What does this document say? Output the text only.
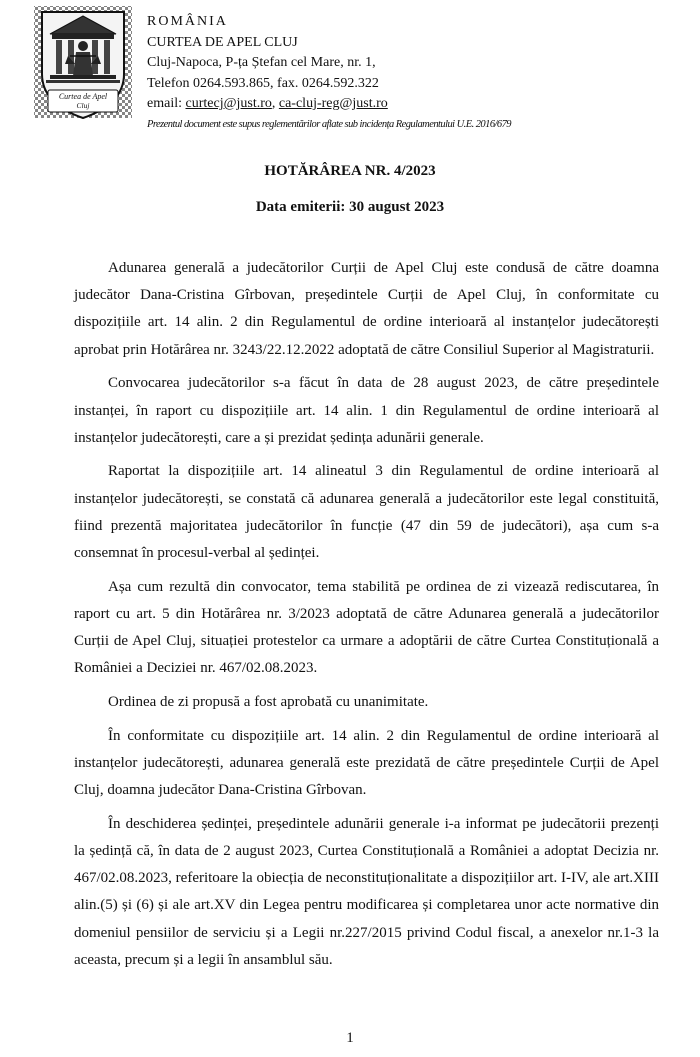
Curtea de Apel
Cluj
ROMÂNIA
CURTEA DE APEL CLUJ
Cluj-Napoca, P-ța Ștefan cel Mare, nr. 1,
Telefon 0264.593.865, fax. 0264.592.322
email: curtecj@just.ro, ca-cluj-reg@just.ro
Prezentul document este supus reglementărilor aflate sub incidența Regulamentului U.E. 2016/679
HOTĂRÂREA NR. 4/2023
Data emiterii: 30 august 2023

Adunarea generală a judecătorilor Curții de Apel Cluj este condusă de către doamna judecător Dana-Cristina Gîrbovan, președintele Curții de Apel Cluj, în conformitate cu dispozițiile art. 14 alin. 2 din Regulamentul de ordine interioară al instanțelor judecătorești aprobat prin Hotărârea nr. 3243/22.12.2022 adoptată de către Consiliul Superior al Magistraturii.

Convocarea judecătorilor s-a făcut în data de 28 august 2023, de către președintele instanței, în raport cu dispozițiile art. 14 alin. 1 din Regulamentul de ordine interioară al instanțelor judecătorești, care a și prezidat ședința adunării generale.

Raportat la dispozițiile art. 14 alineatul 3 din Regulamentul de ordine interioară al instanțelor judecătorești, se constată că adunarea generală a judecătorilor este legal constituită, fiind prezentă majoritatea judecătorilor în funcție (47 din 59 de judecători), așa cum s-a consemnat în procesul-verbal al ședinței.

Așa cum rezultă din convocator, tema stabilită pe ordinea de zi vizează rediscutarea, în raport cu art. 5 din Hotărârea nr. 3/2023 adoptată de către Adunarea generală a judecătorilor Curții de Apel Cluj, situației protestelor ca urmare a adoptării de către Curtea Constituțională a României a Deciziei nr. 467/02.08.2023.

Ordinea de zi propusă a fost aprobată cu unanimitate.

În conformitate cu dispozițiile art. 14 alin. 2 din Regulamentul de ordine interioară al instanțelor judecătorești, adunarea generală este prezidată de către președintele Curții de Apel Cluj, doamna judecător Dana-Cristina Gîrbovan.

În deschiderea ședinței, președintele adunării generale i-a informat pe judecătorii prezenți la ședință că, în data de 2 august 2023, Curtea Constituțională a României a adoptat Decizia nr. 467/02.08.2023, referitoare la obiecția de neconstituționalitate a dispozițiilor art. I-IV, ale art.XIII alin.(5) și (6) și ale art.XV din Legea pentru modificarea și completarea unor acte normative din domeniul pensiilor de serviciu și a Legii nr.227/2015 privind Codul fiscal, a anexelor nr.1-3 la aceasta, precum și a legii în ansamblul său.

1
